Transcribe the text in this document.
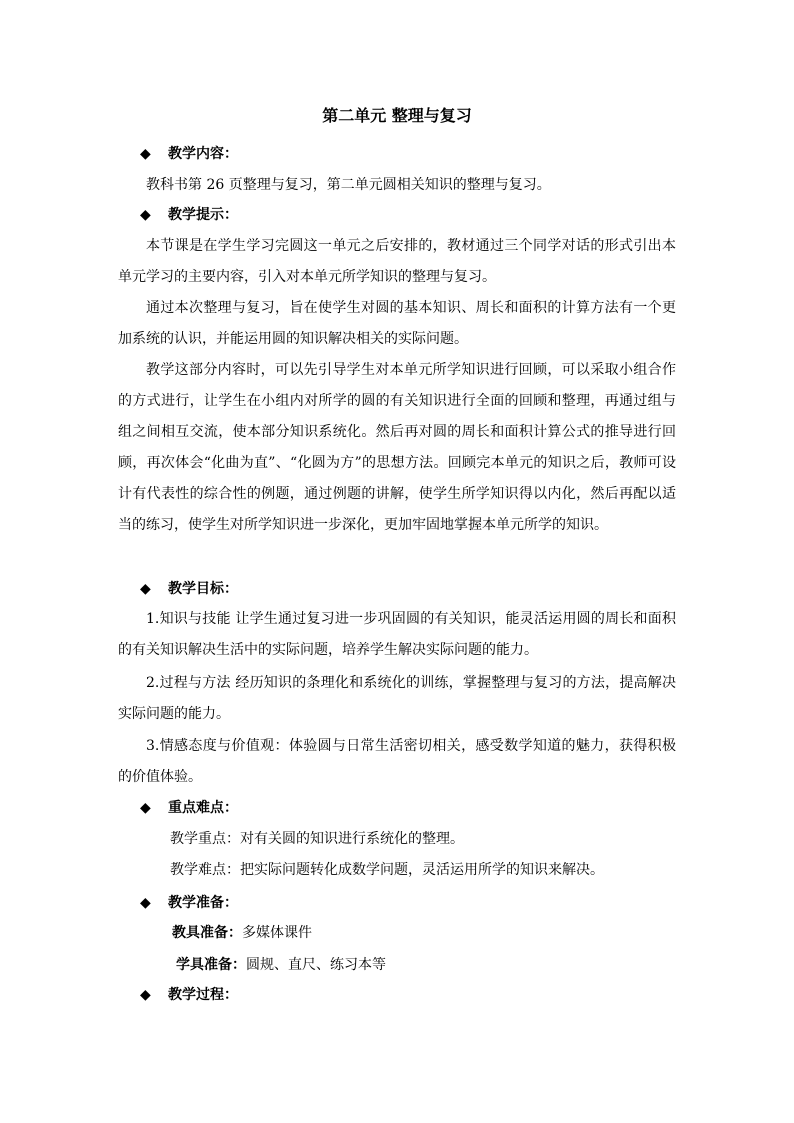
第二单元 整理与复习
◆ 教学内容：
教科书第 26 页整理与复习，第二单元圆相关知识的整理与复习。
◆ 教学提示：
本节课是在学生学习完圆这一单元之后安排的，教材通过三个同学对话的形式引出本单元学习的主要内容，引入对本单元所学知识的整理与复习。
通过本次整理与复习，旨在使学生对圆的基本知识、周长和面积的计算方法有一个更加系统的认识，并能运用圆的知识解决相关的实际问题。
教学这部分内容时，可以先引导学生对本单元所学知识进行回顾，可以采取小组合作的方式进行，让学生在小组内对所学的圆的有关知识进行全面的回顾和整理，再通过组与组之间相互交流，使本部分知识系统化。然后再对圆的周长和面积计算公式的推导进行回顾，再次体会“化曲为直”、“化圆为方”的思想方法。回顾完本单元的知识之后，教师可设计有代表性的综合性的例题，通过例题的讲解，使学生所学知识得以内化，然后再配以适当的练习，使学生对所学知识进一步深化，更加牢固地掌握本单元所学的知识。
◆ 教学目标：
1.知识与技能 让学生通过复习进一步巩固圆的有关知识，能灵活运用圆的周长和面积的有关知识解决生活中的实际问题，培养学生解决实际问题的能力。
2.过程与方法 经历知识的条理化和系统化的训练，掌握整理与复习的方法，提高解决实际问题的能力。
3.情感态度与价值观：体验圆与日常生活密切相关，感受数学知道的魅力，获得积极的价值体验。
◆ 重点难点：
教学重点：对有关圆的知识进行系统化的整理。
教学难点：把实际问题转化成数学问题，灵活运用所学的知识来解决。
◆ 教学准备：
教具准备：多媒体课件
学具准备：圆规、直尺、练习本等
◆ 教学过程：
